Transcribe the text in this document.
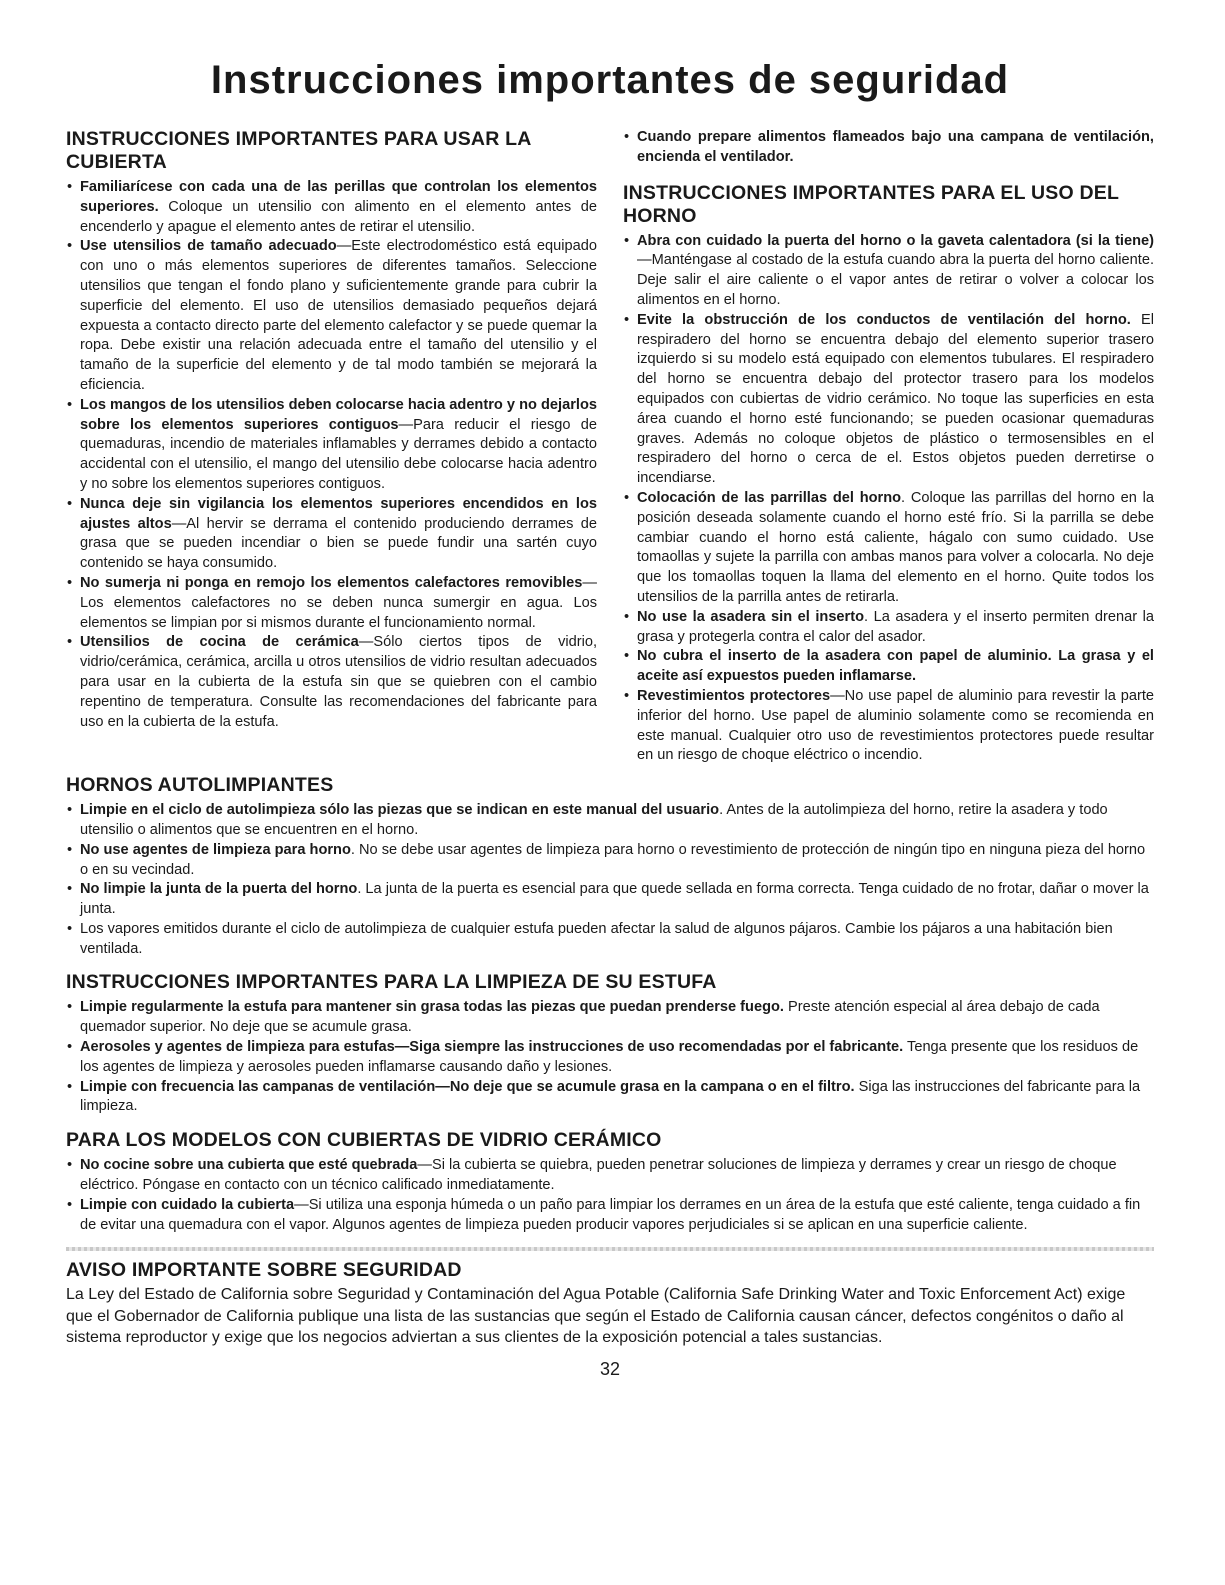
Instrucciones importantes de seguridad
INSTRUCCIONES IMPORTANTES PARA USAR LA CUBIERTA
• Familiarícese con cada una de las perillas que controlan los elementos superiores. Coloque un utensilio con alimento en el elemento antes de encenderlo y apague el elemento antes de retirar el utensilio.
• Use utensilios de tamaño adecuado—Este electrodoméstico está equipado con uno o más elementos superiores de diferentes tamaños. Seleccione utensilios que tengan el fondo plano y suficientemente grande para cubrir la superficie del elemento. El uso de utensilios demasiado pequeños dejará expuesta a contacto directo parte del elemento calefactor y se puede quemar la ropa. Debe existir una relación adecuada entre el tamaño del utensilio y el tamaño de la superficie del elemento y de tal modo también se mejorará la eficiencia.
• Los mangos de los utensilios deben colocarse hacia adentro y no dejarlos sobre los elementos superiores contiguos—Para reducir el riesgo de quemaduras, incendio de materiales inflamables y derrames debido a contacto accidental con el utensilio, el mango del utensilio debe colocarse hacia adentro y no sobre los elementos superiores contiguos.
• Nunca deje sin vigilancia los elementos superiores encendidos en los ajustes altos—Al hervir se derrama el contenido produciendo derrames de grasa que se pueden incendiar o bien se puede fundir una sartén cuyo contenido se haya consumido.
• No sumerja ni ponga en remojo los elementos calefactores removibles—Los elementos calefactores no se deben nunca sumergir en agua. Los elementos se limpian por si mismos durante el funcionamiento normal.
• Utensilios de cocina de cerámica—Sólo ciertos tipos de vidrio, vidrio/cerámica, cerámica, arcilla u otros utensilios de vidrio resultan adecuados para usar en la cubierta de la estufa sin que se quiebren con el cambio repentino de temperatura. Consulte las recomendaciones del fabricante para uso en la cubierta de la estufa.
• Cuando prepare alimentos flameados bajo una campana de ventilación, encienda el ventilador.
INSTRUCCIONES IMPORTANTES PARA EL USO DEL HORNO
• Abra con cuidado la puerta del horno o la gaveta calentadora (si la tiene)—Manténgase al costado de la estufa cuando abra la puerta del horno caliente. Deje salir el aire caliente o el vapor antes de retirar o volver a colocar los alimentos en el horno.
• Evite la obstrucción de los conductos de ventilación del horno. El respiradero del horno se encuentra debajo del elemento superior trasero izquierdo si su modelo está equipado con elementos tubulares. El respiradero del horno se encuentra debajo del protector trasero para los modelos equipados con cubiertas de vidrio cerámico. No toque las superficies en esta área cuando el horno esté funcionando; se pueden ocasionar quemaduras graves. Además no coloque objetos de plástico o termosensibles en el respiradero del horno o cerca de el. Estos objetos pueden derretirse o incendiarse.
• Colocación de las parrillas del horno. Coloque las parrillas del horno en la posición deseada solamente cuando el horno esté frío. Si la parrilla se debe cambiar cuando el horno está caliente, hágalo con sumo cuidado. Use tomaollas y sujete la parrilla con ambas manos para volver a colocarla. No deje que los tomaollas toquen la llama del elemento en el horno. Quite todos los utensilios de la parrilla antes de retirarla.
• No use la asadera sin el inserto. La asadera y el inserto permiten drenar la grasa y protegerla contra el calor del asador.
• No cubra el inserto de la asadera con papel de aluminio. La grasa y el aceite así expuestos pueden inflamarse.
• Revestimientos protectores—No use papel de aluminio para revestir la parte inferior del horno. Use papel de aluminio solamente como se recomienda en este manual. Cualquier otro uso de revestimientos protectores puede resultar en un riesgo de choque eléctrico o incendio.
HORNOS AUTOLIMPIANTES
• Limpie en el ciclo de autolimpieza sólo las piezas que se indican en este manual del usuario. Antes de la autolimpieza del horno, retire la asadera y todo utensilio o alimentos que se encuentren en el horno.
• No use agentes de limpieza para horno. No se debe usar agentes de limpieza para horno o revestimiento de protección de ningún tipo en ninguna pieza del horno o en su vecindad.
• No limpie la junta de la puerta del horno. La junta de la puerta es esencial para que quede sellada en forma correcta. Tenga cuidado de no frotar, dañar o mover la junta.
• Los vapores emitidos durante el ciclo de autolimpieza de cualquier estufa pueden afectar la salud de algunos pájaros. Cambie los pájaros a una habitación bien ventilada.
INSTRUCCIONES IMPORTANTES PARA LA LIMPIEZA DE SU ESTUFA
• Limpie regularmente la estufa para mantener sin grasa todas las piezas que puedan prenderse fuego. Preste atención especial al área debajo de cada quemador superior. No deje que se acumule grasa.
• Aerosoles y agentes de limpieza para estufas—Siga siempre las instrucciones de uso recomendadas por el fabricante. Tenga presente que los residuos de los agentes de limpieza y aerosoles pueden inflamarse causando daño y lesiones.
• Limpie con frecuencia las campanas de ventilación—No deje que se acumule grasa en la campana o en el filtro. Siga las instrucciones del fabricante para la limpieza.
PARA LOS MODELOS CON CUBIERTAS DE VIDRIO CERÁMICO
• No cocine sobre una cubierta que esté quebrada—Si la cubierta se quiebra, pueden penetrar soluciones de limpieza y derrames y crear un riesgo de choque eléctrico. Póngase en contacto con un técnico calificado inmediatamente.
• Limpie con cuidado la cubierta—Si utiliza una esponja húmeda o un paño para limpiar los derrames en un área de la estufa que esté caliente, tenga cuidado a fin de evitar una quemadura con el vapor. Algunos agentes de limpieza pueden producir vapores perjudiciales si se aplican en una superficie caliente.
AVISO IMPORTANTE SOBRE SEGURIDAD

La Ley del Estado de California sobre Seguridad y Contaminación del Agua Potable (California Safe Drinking Water and Toxic Enforcement Act) exige que el Gobernador de California publique una lista de las sustancias que según el Estado de California causan cáncer, defectos congénitos o daño al sistema reproductor y exige que los negocios adviertan a sus clientes de la exposición potencial a tales sustancias.

32
